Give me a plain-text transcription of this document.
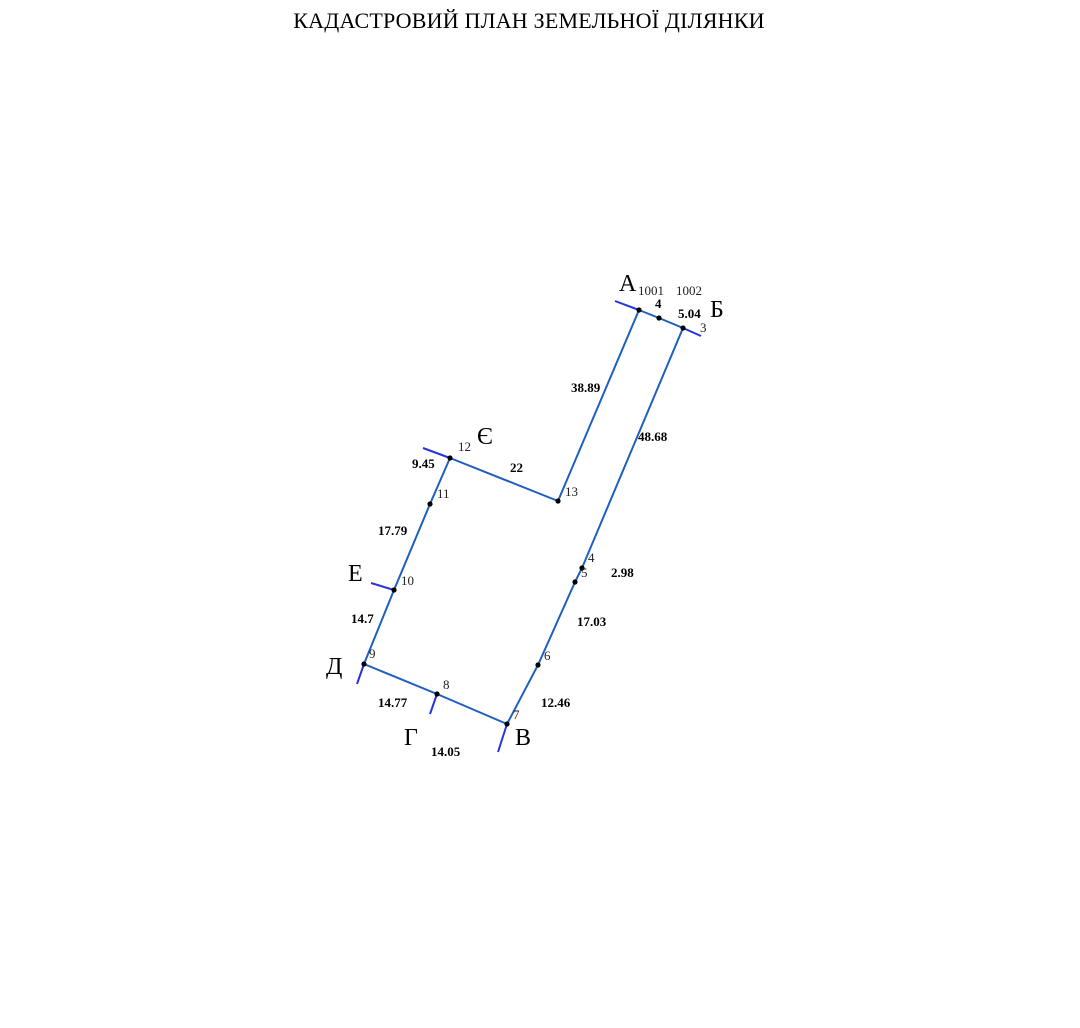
КАДАСТРОВИЙ ПЛАН ЗЕМЕЛЬНОЇ ДІЛЯНКИ
3
4
5
6
7
8
9
10
11
12
13
4
5.04
48.68
2.98
17.03
12.46
14.05
14.77
14.7
17.79
9.45	22
38.89
1001 1002
А
Б
В
Г
Д
Е
Є
